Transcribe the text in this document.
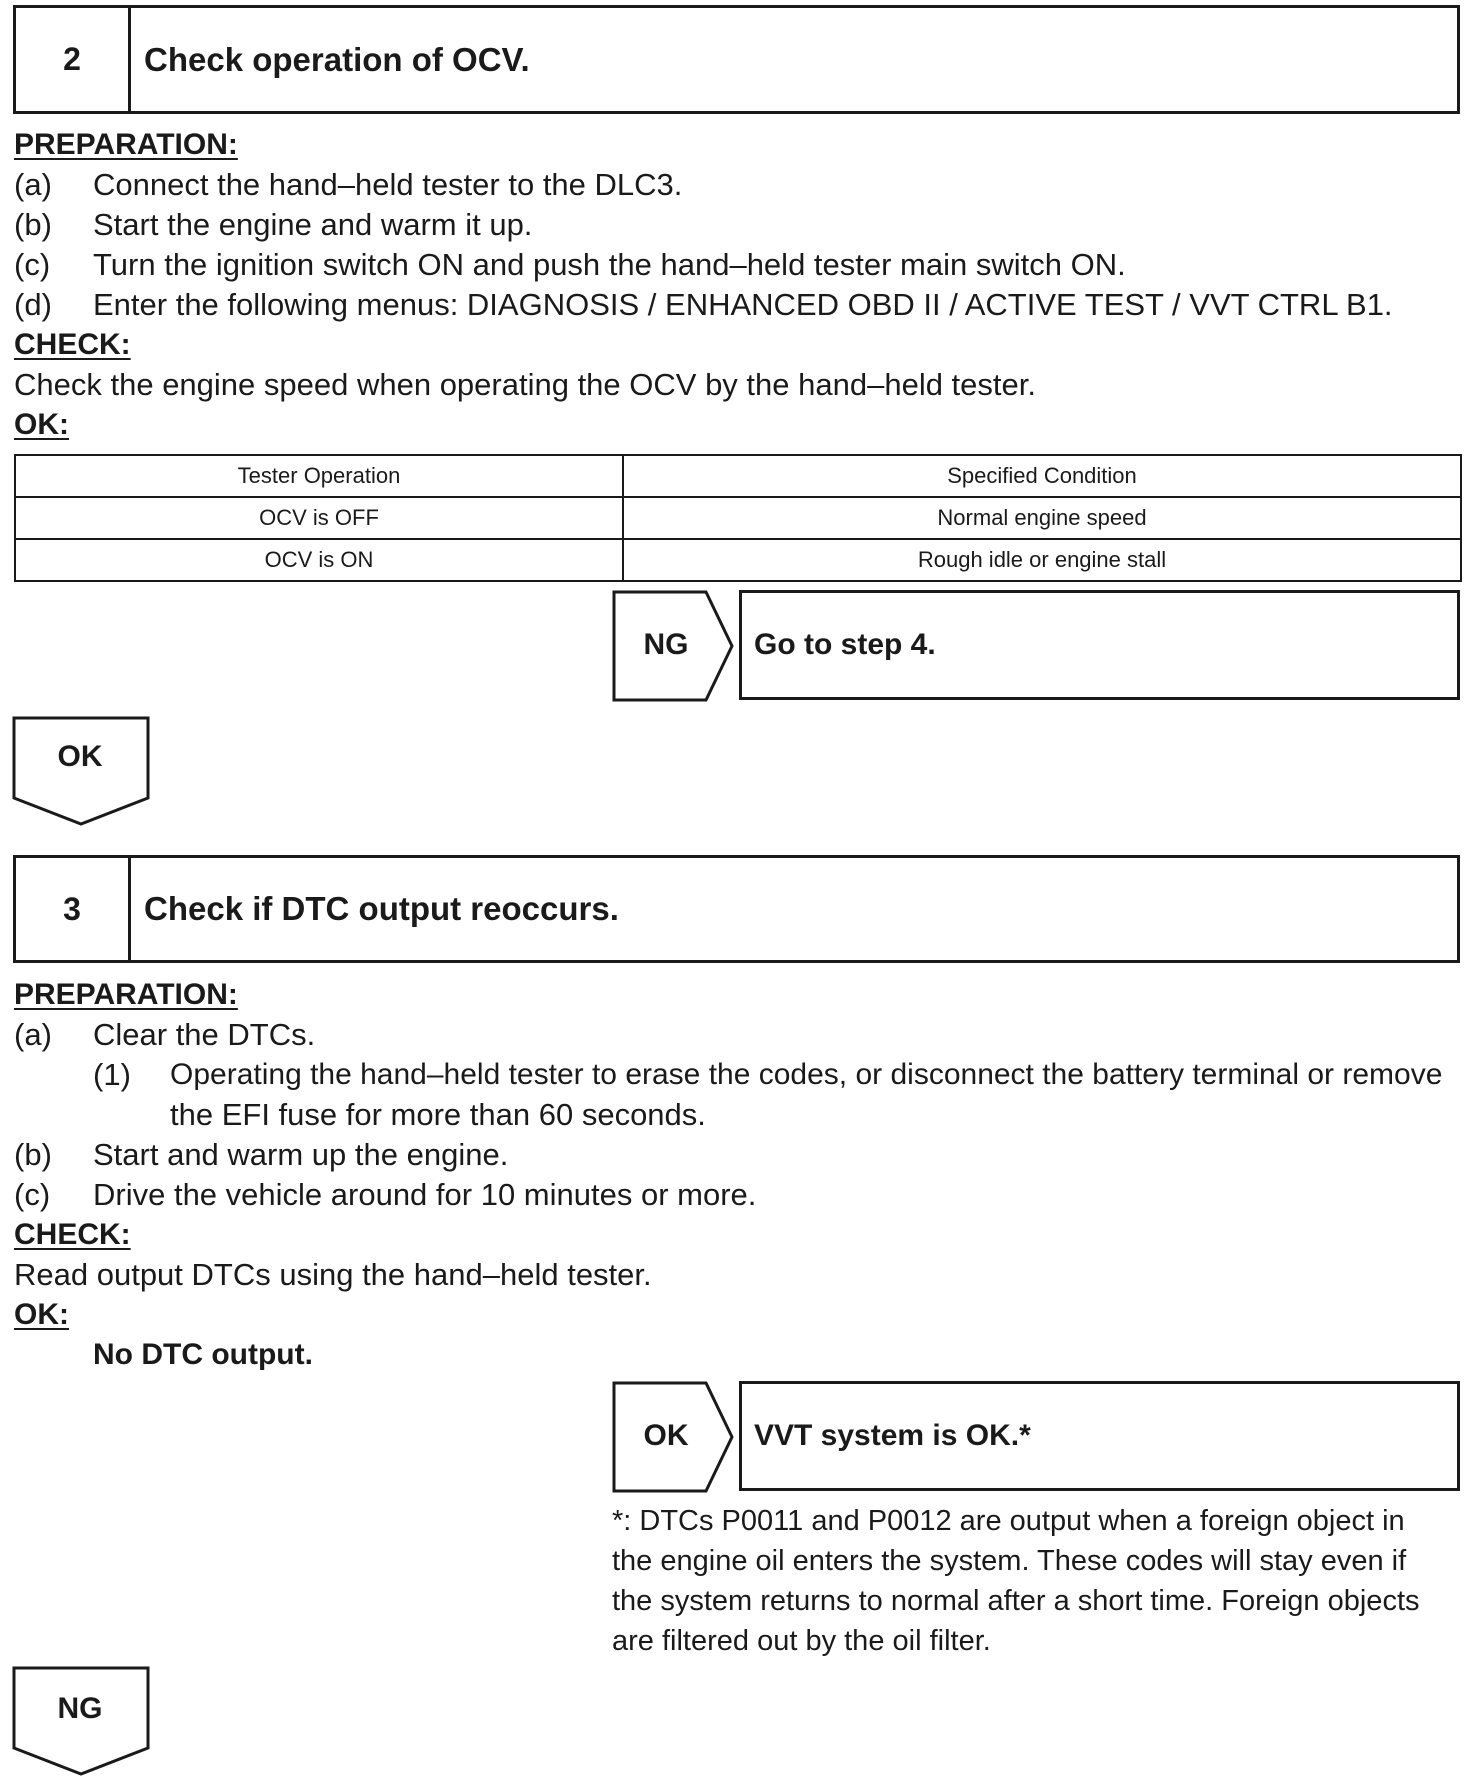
2	Check operation of OCV.
PREPARATION:
(a) Connect the hand–held tester to the DLC3.
(b) Start the engine and warm it up.
(c) Turn the ignition switch ON and push the hand–held tester main switch ON.
(d) Enter the following menus: DIAGNOSIS / ENHANCED OBD II / ACTIVE TEST / VVT CTRL B1.
CHECK:
Check the engine speed when operating the OCV by the hand–held tester.
OK:
Tester Operation	Specified Condition
OCV is OFF	Normal engine speed
OCV is ON	Rough idle or engine stall
NG	Go to step 4.
OK
3	Check if DTC output reoccurs.
PREPARATION:
(a) Clear the DTCs.
(1) Operating the hand–held tester to erase the codes, or disconnect the battery terminal or remove
the EFI fuse for more than 60 seconds.
(b) Start and warm up the engine.
(c) Drive the vehicle around for 10 minutes or more.
CHECK:
Read output DTCs using the hand–held tester.
OK:
No DTC output.
OK	VVT system is OK.*
*: DTCs P0011 and P0012 are output when a foreign object in
the engine oil enters the system. These codes will stay even if
the system returns to normal after a short time. Foreign objects
are filtered out by the oil filter.
NG
